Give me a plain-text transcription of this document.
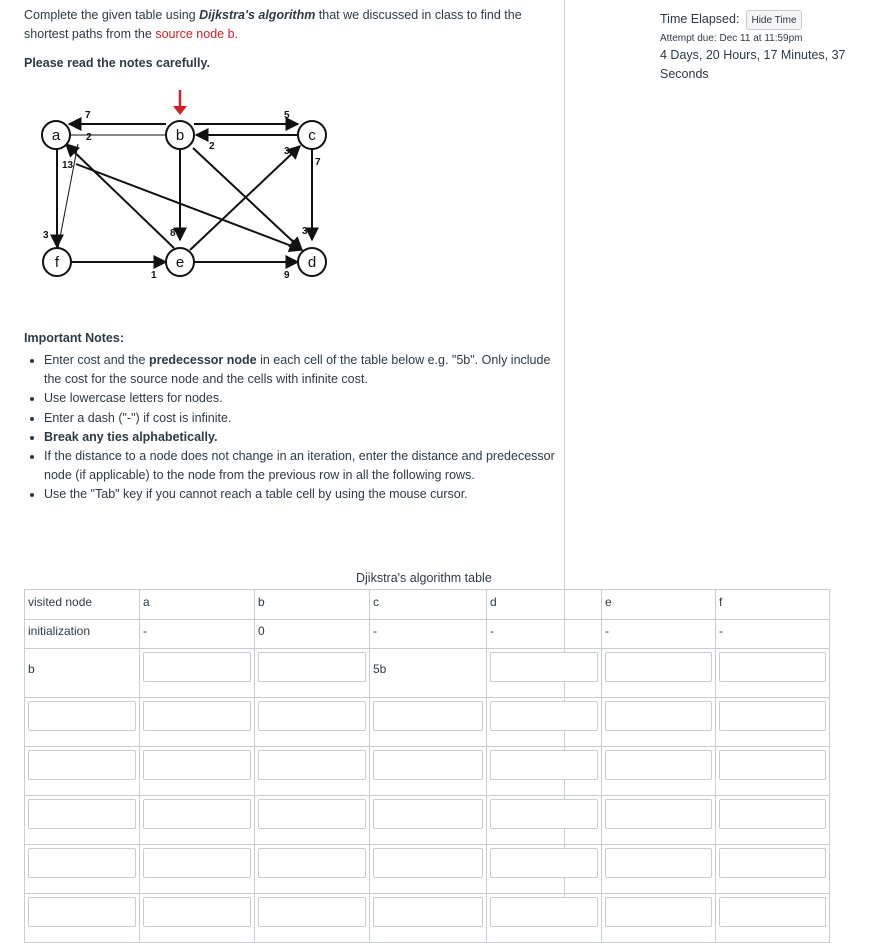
Complete the given table using Dijkstra's algorithm that we discussed in class to find the
shortest paths from the source node b.
Please read the notes carefully.
7
2
5
2	3
7
13
3	8	3
1	9
a	b	c
f	e	d
Important Notes:
• Enter cost and the predecessor node in each cell of the table below e.g. "5b". Only include the cost for the source node and the cells with infinite cost.
• Use lowercase letters for nodes.
• Enter a dash ("-") if cost is infinite.
• Break any ties alphabetically.
• If the distance to a node does not change in an iteration, enter the distance and predecessor node (if applicable) to the node from the previous row in all the following rows.
• Use the "Tab" key if you cannot reach a table cell by using the mouse cursor.
Djikstra's algorithm table
visited node	a	b	c	d	e	f
initialization	-	0	-	-	-	-

b			5b			

Time Elapsed:	Hide Time
Attempt due: Dec 11 at 11:59pm
4 Days, 20 Hours, 17 Minutes, 37
Seconds
